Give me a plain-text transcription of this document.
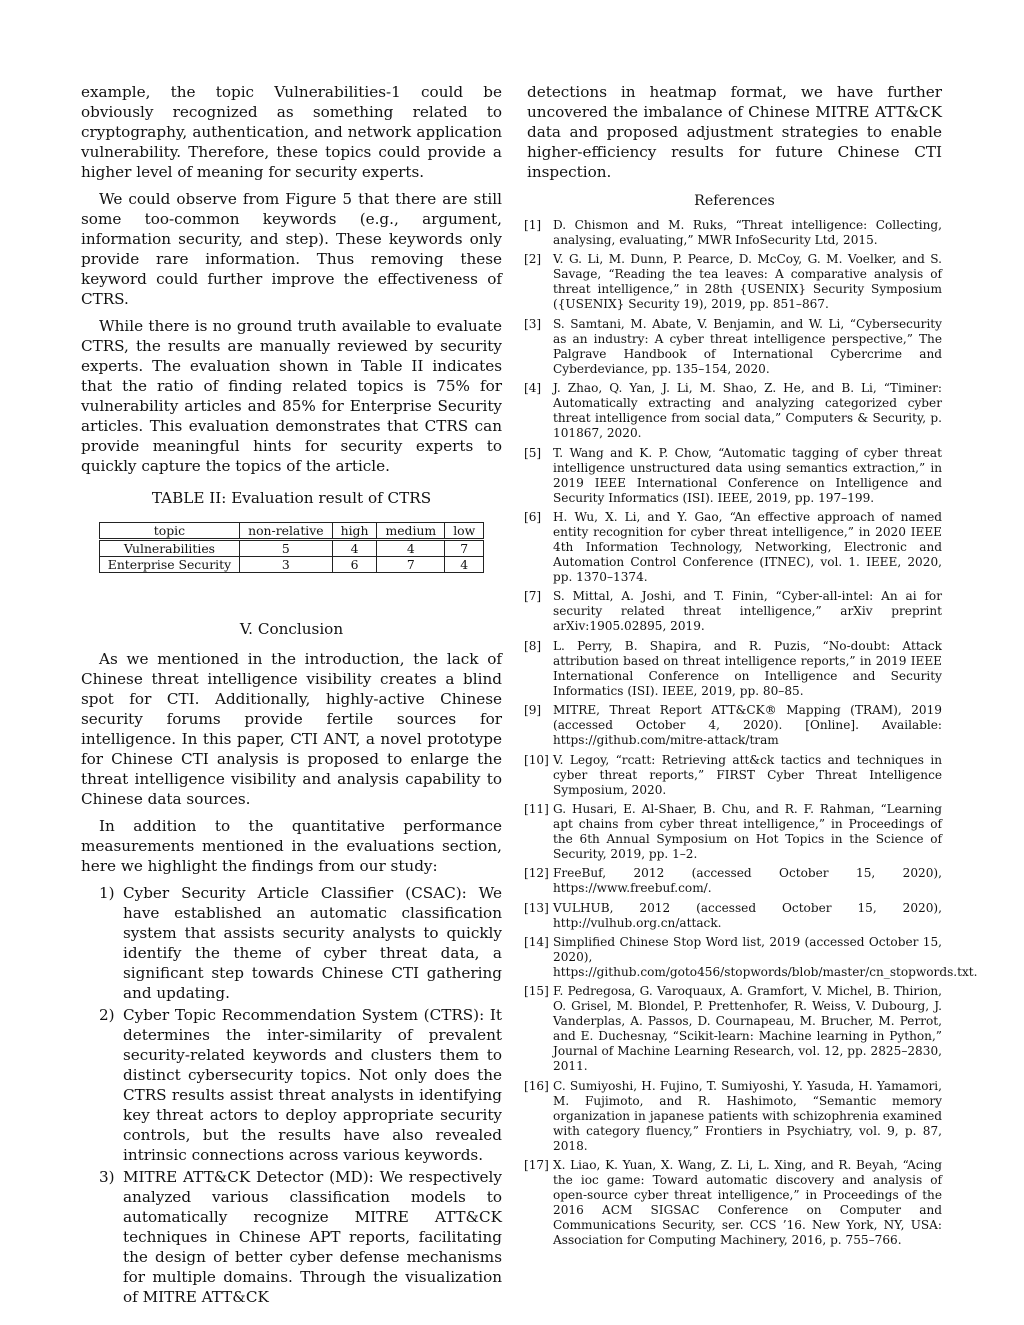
example, the topic Vulnerabilities-1 could be obviously recognized as something related to cryptography, authentication, and network application vulnerability. Therefore, these topics could provide a higher level of meaning for security experts.

We could observe from Figure 5 that there are still some too-common keywords (e.g., argument, information security, and step). These keywords only provide rare information. Thus removing these keyword could further improve the effectiveness of CTRS.

While there is no ground truth available to evaluate CTRS, the results are manually reviewed by security experts. The evaluation shown in Table II indicates that the ratio of finding related topics is 75% for vulnerability articles and 85% for Enterprise Security articles. This evaluation demonstrates that CTRS can provide meaningful hints for security experts to quickly capture the topics of the article.

TABLE II: Evaluation result of CTRS
topic	non-relative	high	medium	low
Vulnerabilities	5	4	4	7
Enterprise Security	3	6	7	4
V. Conclusion

As we mentioned in the introduction, the lack of Chinese threat intelligence visibility creates a blind spot for CTI. Additionally, highly-active Chinese security forums provide fertile sources for intelligence. In this paper, CTI ANT, a novel prototype for Chinese CTI analysis is proposed to enlarge the threat intelligence visibility and analysis capability to Chinese data sources.

In addition to the quantitative performance measurements mentioned in the evaluations section, here we highlight the findings from our study:

1) Cyber Security Article Classifier (CSAC): We have established an automatic classification system that assists security analysts to quickly identify the theme of cyber threat data, a significant step towards Chinese CTI gathering and updating.
2) Cyber Topic Recommendation System (CTRS): It determines the inter-similarity of prevalent security-related keywords and clusters them to distinct cybersecurity topics. Not only does the CTRS results assist threat analysts in identifying key threat actors to deploy appropriate security controls, but the results have also revealed intrinsic connections across various keywords.
3) MITRE ATT&CK Detector (MD): We respectively analyzed various classification models to automatically recognize MITRE ATT&CK techniques in Chinese APT reports, facilitating the design of better cyber defense mechanisms for multiple domains. Through the visualization of MITRE ATT&CK

detections in heatmap format, we have further uncovered the imbalance of Chinese MITRE ATT&CK data and proposed adjustment strategies to enable higher-efficiency results for future Chinese CTI inspection.

References
[1] D. Chismon and M. Ruks, “Threat intelligence: Collecting, analysing, evaluating,” MWR InfoSecurity Ltd, 2015.
[2] V. G. Li, M. Dunn, P. Pearce, D. McCoy, G. M. Voelker, and S. Savage, “Reading the tea leaves: A comparative analysis of threat intelligence,” in 28th {USENIX} Security Symposium ({USENIX} Security 19), 2019, pp. 851–867.
[3] S. Samtani, M. Abate, V. Benjamin, and W. Li, “Cybersecurity as an industry: A cyber threat intelligence perspective,” The Palgrave Handbook of International Cybercrime and Cyberdeviance, pp. 135–154, 2020.
[4] J. Zhao, Q. Yan, J. Li, M. Shao, Z. He, and B. Li, “Timiner: Automatically extracting and analyzing categorized cyber threat intelligence from social data,” Computers & Security, p. 101867, 2020.
[5] T. Wang and K. P. Chow, “Automatic tagging of cyber threat intelligence unstructured data using semantics extraction,” in 2019 IEEE International Conference on Intelligence and Security Informatics (ISI). IEEE, 2019, pp. 197–199.
[6] H. Wu, X. Li, and Y. Gao, “An effective approach of named entity recognition for cyber threat intelligence,” in 2020 IEEE 4th Information Technology, Networking, Electronic and Automation Control Conference (ITNEC), vol. 1. IEEE, 2020, pp. 1370–1374.
[7] S. Mittal, A. Joshi, and T. Finin, “Cyber-all-intel: An ai for security related threat intelligence,” arXiv preprint arXiv:1905.02895, 2019.
[8] L. Perry, B. Shapira, and R. Puzis, “No-doubt: Attack attribution based on threat intelligence reports,” in 2019 IEEE International Conference on Intelligence and Security Informatics (ISI). IEEE, 2019, pp. 80–85.
[9] MITRE, Threat Report ATT&CK® Mapping (TRAM), 2019 (accessed October 4, 2020). [Online]. Available: https://github.com/mitre-attack/tram
[10] V. Legoy, “rcatt: Retrieving att&ck tactics and techniques in cyber threat reports,” FIRST Cyber Threat Intelligence Symposium, 2020.
[11] G. Husari, E. Al-Shaer, B. Chu, and R. F. Rahman, “Learning apt chains from cyber threat intelligence,” in Proceedings of the 6th Annual Symposium on Hot Topics in the Science of Security, 2019, pp. 1–2.
[12] FreeBuf, 2012 (accessed October 15, 2020), https://www.freebuf.com/.
[13] VULHUB, 2012 (accessed October 15, 2020), http://vulhub.org.cn/attack.
[14] Simplified Chinese Stop Word list, 2019 (accessed October 15, 2020), https://github.com/goto456/stopwords/blob/master/cn_stopwords.txt.
[15] F. Pedregosa, G. Varoquaux, A. Gramfort, V. Michel, B. Thirion, O. Grisel, M. Blondel, P. Prettenhofer, R. Weiss, V. Dubourg, J. Vanderplas, A. Passos, D. Cournapeau, M. Brucher, M. Perrot, and E. Duchesnay, “Scikit-learn: Machine learning in Python,” Journal of Machine Learning Research, vol. 12, pp. 2825–2830, 2011.
[16] C. Sumiyoshi, H. Fujino, T. Sumiyoshi, Y. Yasuda, H. Yamamori, M. Fujimoto, and R. Hashimoto, “Semantic memory organization in japanese patients with schizophrenia examined with category fluency,” Frontiers in Psychiatry, vol. 9, p. 87, 2018.
[17] X. Liao, K. Yuan, X. Wang, Z. Li, L. Xing, and R. Beyah, “Acing the ioc game: Toward automatic discovery and analysis of open-source cyber threat intelligence,” in Proceedings of the 2016 ACM SIGSAC Conference on Computer and Communications Security, ser. CCS ’16. New York, NY, USA: Association for Computing Machinery, 2016, p. 755–766.
